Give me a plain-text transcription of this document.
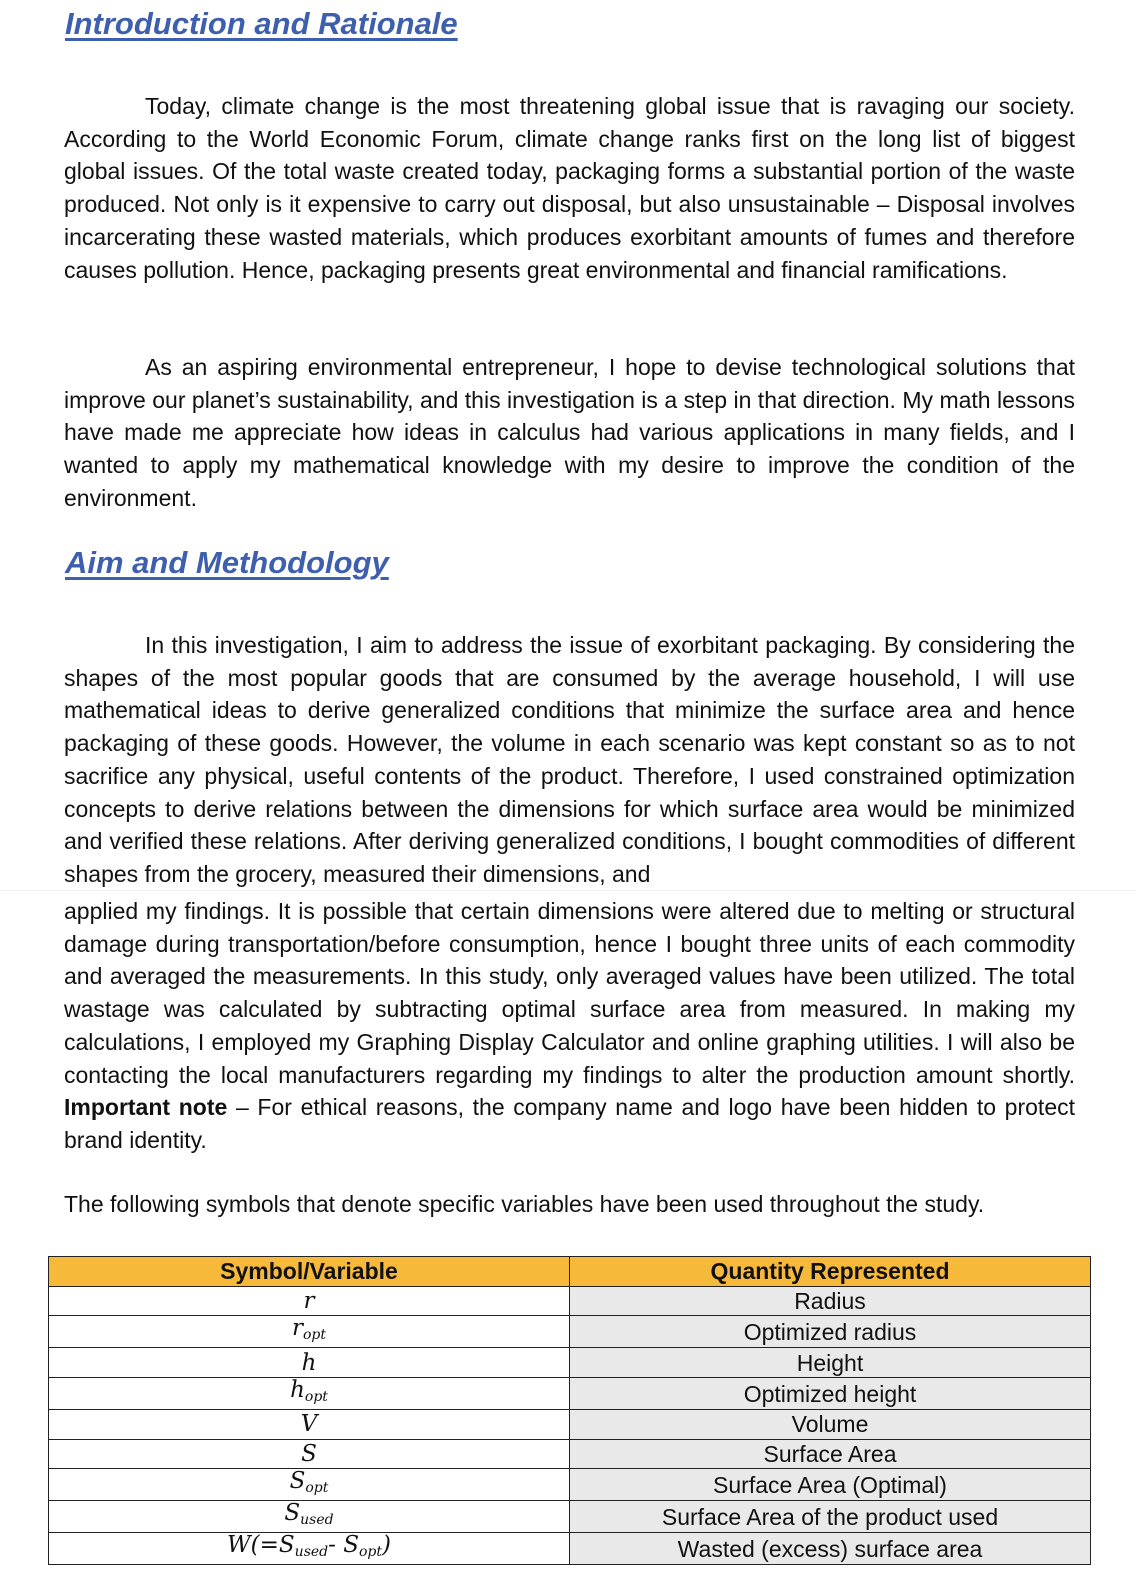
Introduction and Rationale

Today, climate change is the most threatening global issue that is ravaging our society. According to the World Economic Forum, climate change ranks first on the long list of biggest global issues. Of the total waste created today, packaging forms a substantial portion of the waste produced. Not only is it expensive to carry out disposal, but also unsustainable – Disposal involves incarcerating these wasted materials, which produces exorbitant amounts of fumes and therefore causes pollution. Hence, packaging presents great environmental and financial ramifications.

As an aspiring environmental entrepreneur, I hope to devise technological solutions that improve our planet’s sustainability, and this investigation is a step in that direction. My math lessons have made me appreciate how ideas in calculus had various applications in many fields, and I wanted to apply my mathematical knowledge with my desire to improve the condition of the environment.

Aim and Methodology

In this investigation, I aim to address the issue of exorbitant packaging. By considering the shapes of the most popular goods that are consumed by the average household, I will use mathematical ideas to derive generalized conditions that minimize the surface area and hence packaging of these goods. However, the volume in each scenario was kept constant so as to not sacrifice any physical, useful contents of the product. Therefore, I used constrained optimization concepts to derive relations between the dimensions for which surface area would be minimized and verified these relations. After deriving generalized conditions, I bought commodities of different shapes from the grocery, measured their dimensions, and

applied my findings. It is possible that certain dimensions were altered due to melting or structural damage during transportation/before consumption, hence I bought three units of each commodity and averaged the measurements. In this study, only averaged values have been utilized. The total wastage was calculated by subtracting optimal surface area from measured. In making my calculations, I employed my Graphing Display Calculator and online graphing utilities. I will also be contacting the local manufacturers regarding my findings to alter the production amount shortly. Important note – For ethical reasons, the company name and logo have been hidden to protect brand identity.

The following symbols that denote specific variables have been used throughout the study.

Symbol/Variable	Quantity Represented
r	Radius
$r_{opt}$	Optimized radius
h	Height
$h_{opt}$	Optimized height
V	Volume
S	Surface Area
$S_{opt}$	Surface Area (Optimal)
$S_{used}$	Surface Area of the product used
$W(=S_{used}-$ $S_{opt}$)	Wasted (excess) surface area
